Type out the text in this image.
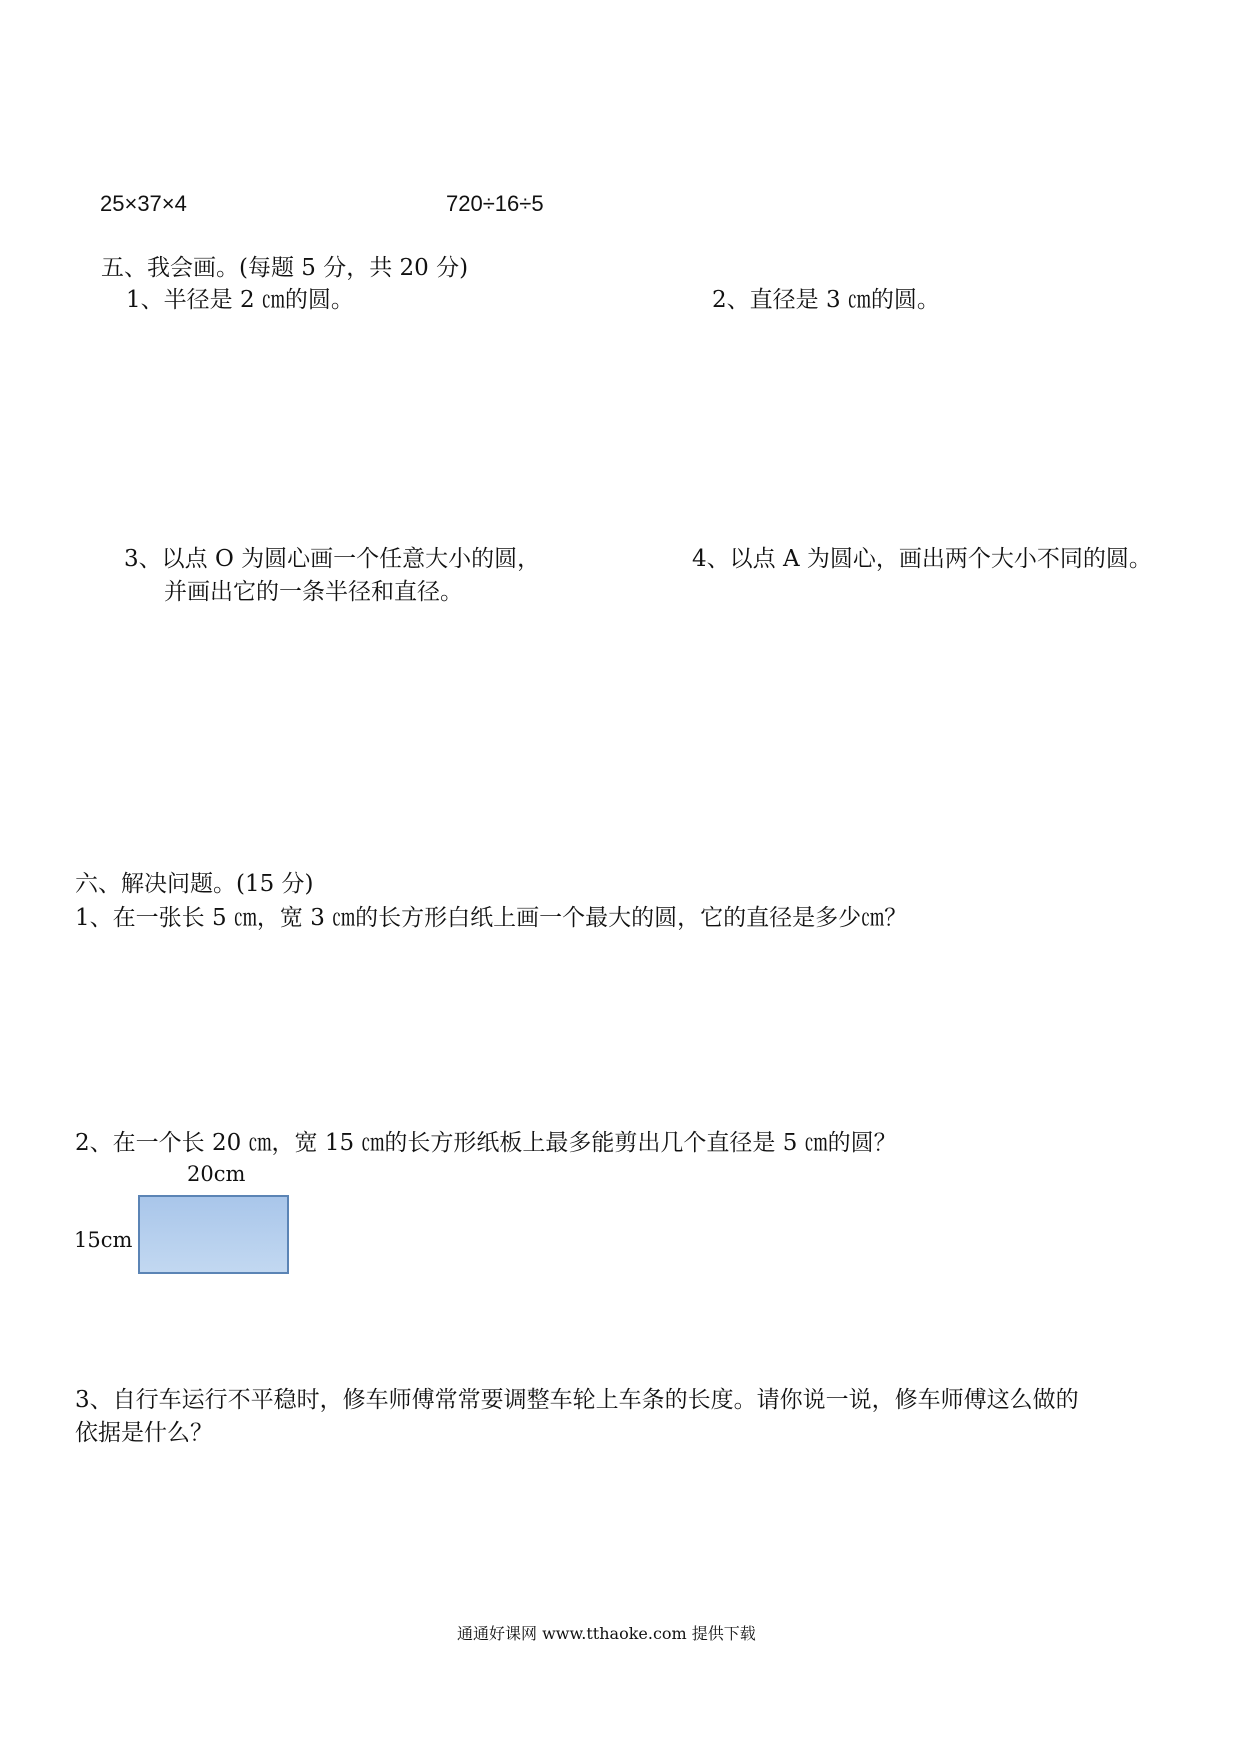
25×37×4	720÷16÷5
五、我会画。(每题 5 分，共 20 分)
1、半径是 2 ㎝的圆。	2、直径是 3 ㎝的圆。
3、以点 O 为圆心画一个任意大小的圆，
并画出它的一条半径和直径。
4、以点 A 为圆心，画出两个大小不同的圆。
六、解决问题。(15 分)
1、在一张长 5 ㎝，宽 3 ㎝的长方形白纸上画一个最大的圆，它的直径是多少㎝？
2、在一个长 20 ㎝，宽 15 ㎝的长方形纸板上最多能剪出几个直径是 5 ㎝的圆？
20cm
15cm
3、自行车运行不平稳时，修车师傅常常要调整车轮上车条的长度。请你说一说，修车师傅这么做的
依据是什么？
通通好课网 www.tthaoke.com 提供下载
